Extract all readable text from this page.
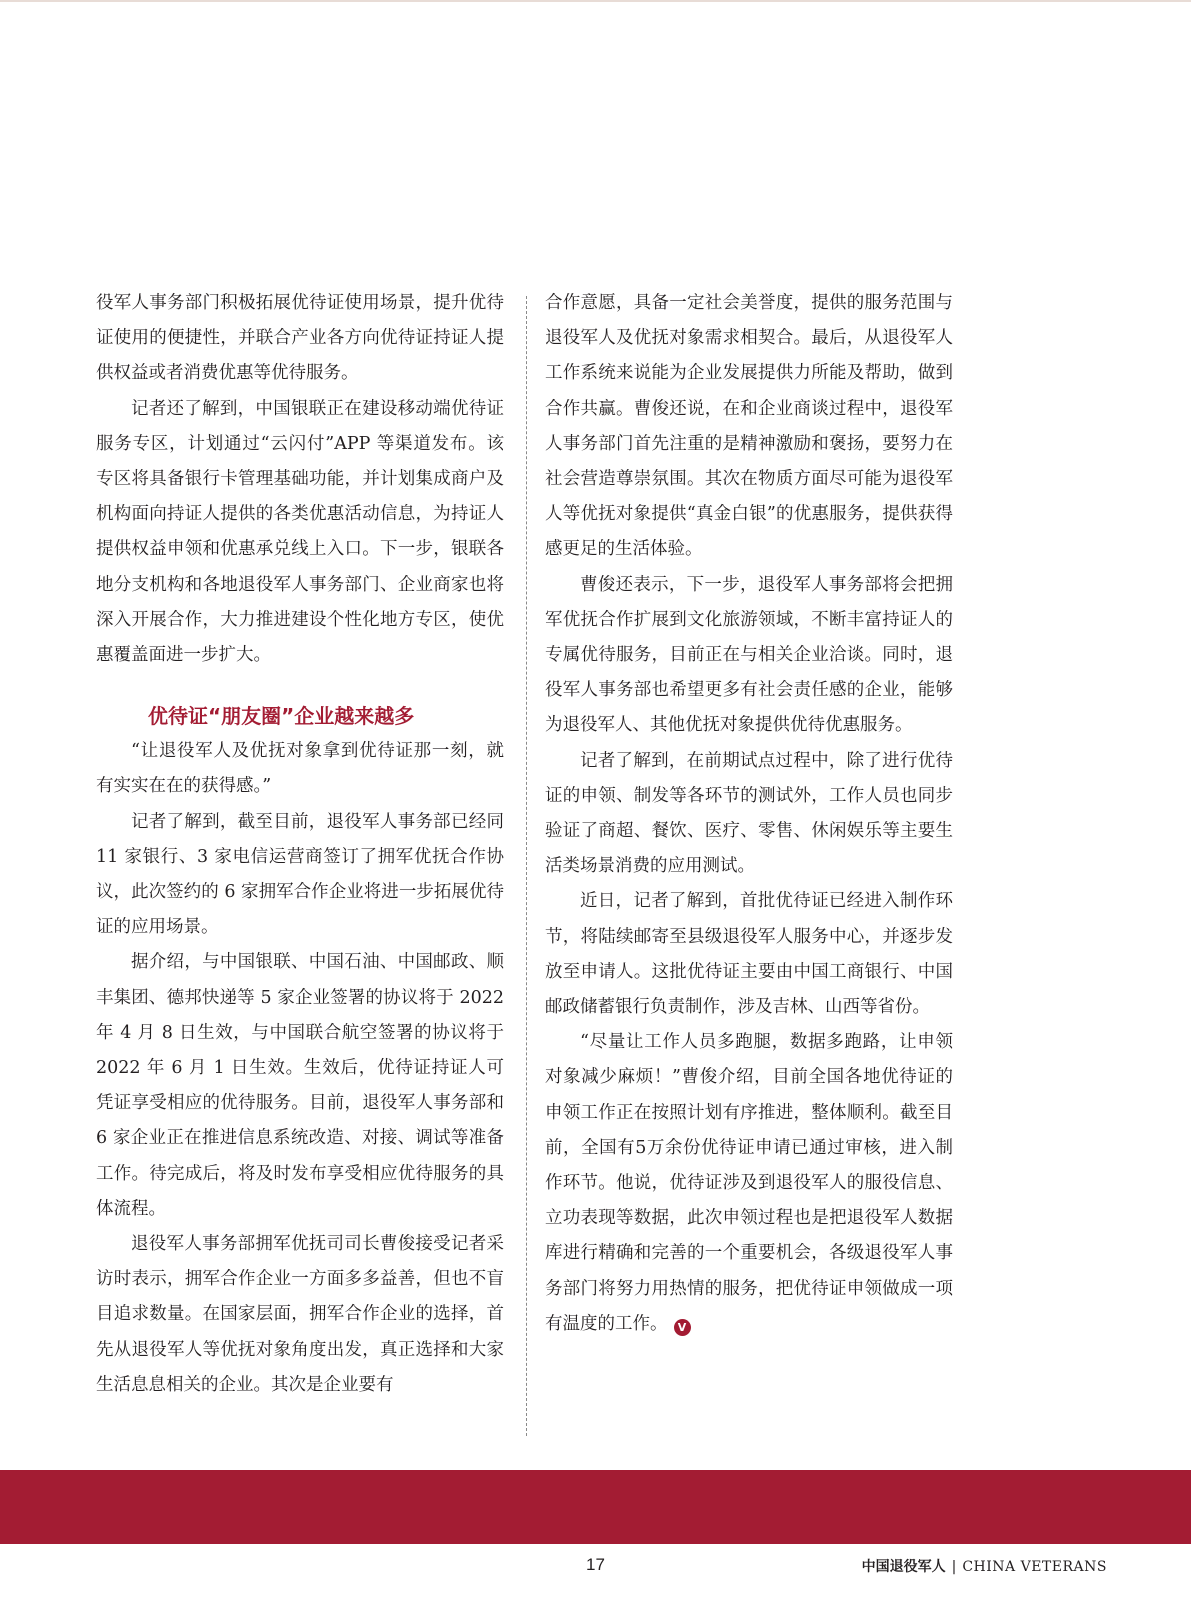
役军人事务部门积极拓展优待证使用场景，提升优待证使用的便捷性，并联合产业各方向优待证持证人提供权益或者消费优惠等优待服务。

记者还了解到，中国银联正在建设移动端优待证服务专区，计划通过“云闪付”APP 等渠道发布。该专区将具备银行卡管理基础功能，并计划集成商户及机构面向持证人提供的各类优惠活动信息，为持证人提供权益申领和优惠承兑线上入口。下一步，银联各地分支机构和各地退役军人事务部门、企业商家也将深入开展合作，大力推进建设个性化地方专区，使优惠覆盖面进一步扩大。

优待证“朋友圈”企业越来越多

“让退役军人及优抚对象拿到优待证那一刻，就有实实在在的获得感。”

记者了解到，截至目前，退役军人事务部已经同 11 家银行、3 家电信运营商签订了拥军优抚合作协议，此次签约的 6 家拥军合作企业将进一步拓展优待证的应用场景。

据介绍，与中国银联、中国石油、中国邮政、顺丰集团、德邦快递等 5 家企业签署的协议将于 2022 年 4 月 8 日生效，与中国联合航空签署的协议将于 2022 年 6 月 1 日生效。生效后，优待证持证人可凭证享受相应的优待服务。目前，退役军人事务部和 6 家企业正在推进信息系统改造、对接、调试等准备工作。待完成后，将及时发布享受相应优待服务的具体流程。

退役军人事务部拥军优抚司司长曹俊接受记者采访时表示，拥军合作企业一方面多多益善，但也不盲目追求数量。在国家层面，拥军合作企业的选择，首先从退役军人等优抚对象角度出发，真正选择和大家生活息息相关的企业。其次是企业要有

合作意愿，具备一定社会美誉度，提供的服务范围与退役军人及优抚对象需求相契合。最后，从退役军人工作系统来说能为企业发展提供力所能及帮助，做到合作共赢。曹俊还说，在和企业商谈过程中，退役军人事务部门首先注重的是精神激励和褒扬，要努力在社会营造尊崇氛围。其次在物质方面尽可能为退役军人等优抚对象提供“真金白银”的优惠服务，提供获得感更足的生活体验。

曹俊还表示，下一步，退役军人事务部将会把拥军优抚合作扩展到文化旅游领域，不断丰富持证人的专属优待服务，目前正在与相关企业洽谈。同时，退役军人事务部也希望更多有社会责任感的企业，能够为退役军人、其他优抚对象提供优待优惠服务。

记者了解到，在前期试点过程中，除了进行优待证的申领、制发等各环节的测试外，工作人员也同步验证了商超、餐饮、医疗、零售、休闲娱乐等主要生活类场景消费的应用测试。

近日，记者了解到，首批优待证已经进入制作环节，将陆续邮寄至县级退役军人服务中心，并逐步发放至申请人。这批优待证主要由中国工商银行、中国邮政储蓄银行负责制作，涉及吉林、山西等省份。

“尽量让工作人员多跑腿，数据多跑路，让申领对象减少麻烦！”曹俊介绍，目前全国各地优待证的申领工作正在按照计划有序推进，整体顺利。截至目前，全国有5万余份优待证申请已通过审核，进入制作环节。他说，优待证涉及到退役军人的服役信息、立功表现等数据，此次申领过程也是把退役军人数据库进行精确和完善的一个重要机会，各级退役军人事务部门将努力用热情的服务，把优待证申领做成一项有温度的工作。 V

17	中国退役军人 | CHINA VETERANS
